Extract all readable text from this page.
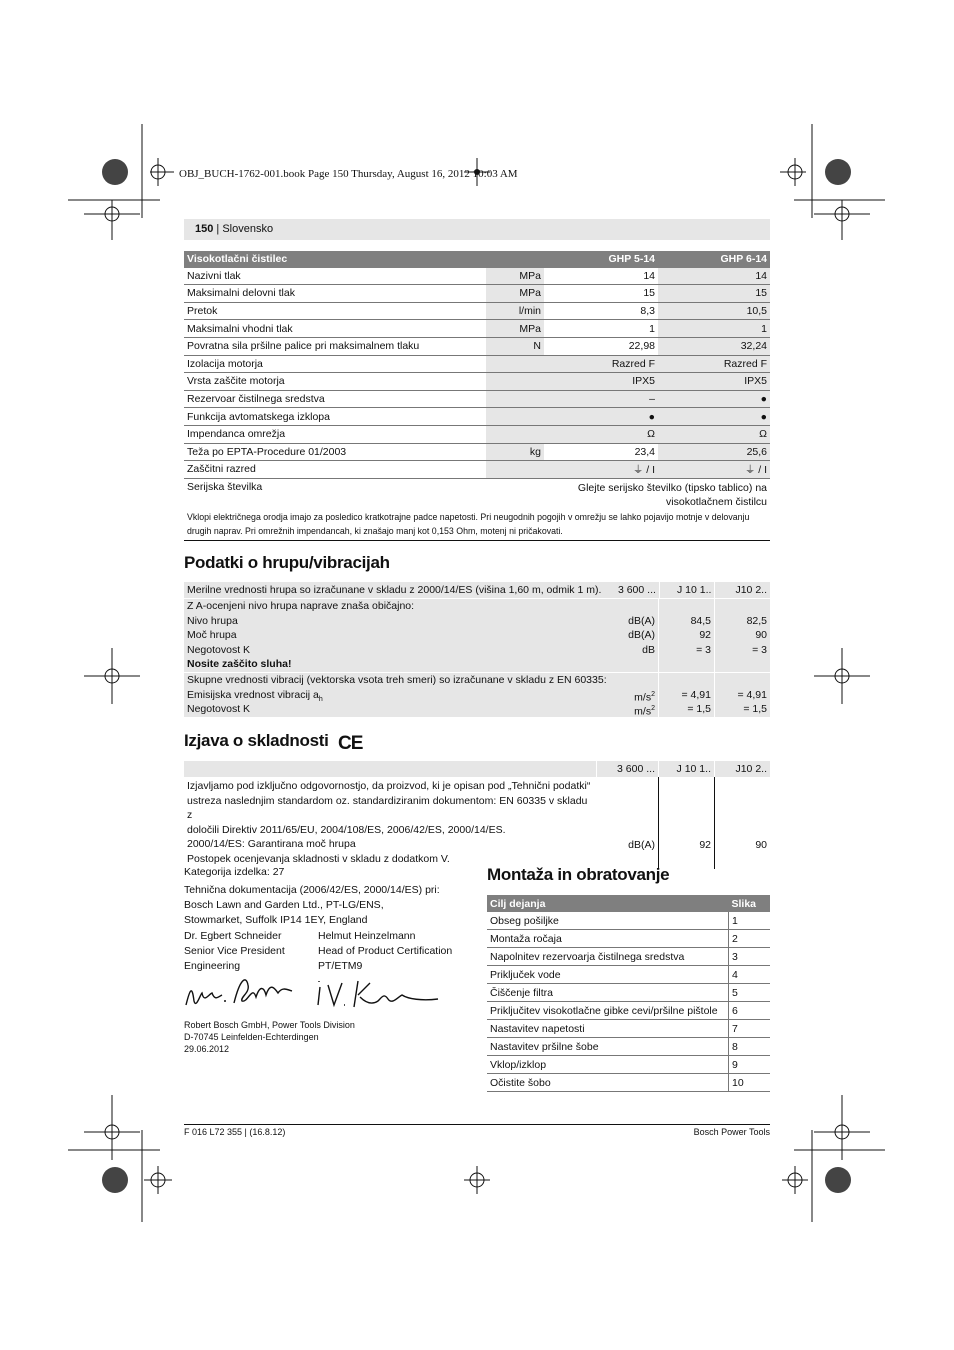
OBJ_BUCH-1762-001.book Page 150 Thursday, August 16, 2012 10:03 AM
150 | Slovensko
Visokotlačni čistilec		GHP 5-14	GHP 6-14
Nazivni tlak	MPa	14	14
Maksimalni delovni tlak	MPa	15	15
Pretok	l/min	8,3	10,5
Maksimalni vhodni tlak	MPa	1	1
Povratna sila pršilne palice pri maksimalnem tlaku	N	22,98	32,24
Izolacija motorja		Razred F	Razred F
Vrsta zaščite motorja		IPX5	IPX5
Rezervoar čistilnega sredstva		–	●
Funkcija avtomatskega izklopa		●	●
Impendanca omrežja		Ω	Ω
Teža po EPTA-Procedure 01/2003	kg	23,4	25,6
Zaščitni razred		⏚ / I	⏚ / I
Serijska številka		Glejte serijsko številko (tipsko tablico) na visokotlačnem čistilcu	
Vklopi električnega orodja imajo za posledico kratkotrajne padce napetosti. Pri neugodnih pogojih v omrežju se lahko pojavijo motnje v delovanju drugih naprav. Pri omrežnih impendancah, ki znašajo manj kot 0,153 Ohm, motenj ni pričakovati.
Podatki o hrupu/vibracijah
Merilne vrednosti hrupa so izračunane v skladu z 2000/14/ES (višina 1,60 m, odmik 1 m).	3 600 ...	J 10 1..	J10 2..
Z A-ocenjeni nivo hrupa naprave znaša običajno:
Nivo hrupa	dB(A)	84,5	82,5
Moč hrupa	dB(A)	92	90
Negotovost K	dB	= 3	= 3
Nosite zaščito sluha!
Skupne vrednosti vibracij (vektorska vsota treh smeri) so izračunane v skladu z EN 60335:
Emisijska vrednost vibracij $a_h$	$m/s^2$	= 4,91	= 4,91
Negotovost K	$m/s^2$	= 1,5	= 1,5
Izjava o skladnosti CE
3 600 ...	J 10 1..	J10 2..
Izjavljamo pod izključno odgovornostjo, da proizvod, ki je opisan pod „Tehnični podatki“
ustreza naslednjim standardom oz. standardiziranim dokumentom: EN 60335 v skladu z
določili Direktiv 2011/65/EU, 2004/108/ES, 2006/42/ES, 2000/14/ES.
2000/14/ES: Garantirana moč hrupa
Postopek ocenjevanja skladnosti v skladu z dodatkom V.
dB(A)	92	90
Kategorija izdelka: 27
Tehnična dokumentacija (2006/42/ES, 2000/14/ES) pri:
Bosch Lawn and Garden Ltd., PT-LG/ENS,
Stowmarket, Suffolk IP14 1EY, England
Dr. Egbert Schneider
Senior Vice President
Engineering
Helmut Heinzelmann
Head of Product Certification
PT/ETM9
Robert Bosch GmbH, Power Tools Division
D-70745 Leinfelden-Echterdingen
29.06.2012
Montaža in obratovanje
Cilj dejanja	Slika
Obseg pošiljke	1
Montaža ročaja	2
Napolnitev rezervoarja čistilnega sredstva	3
Priključek vode	4
Čiščenje filtra	5
Priključitev visokotlačne gibke cevi/pršilne pištole	6
Nastavitev napetosti	7
Nastavitev pršilne šobe	8
Vklop/izklop	9
Očistite šobo	10
F 016 L72 355 | (16.8.12)	Bosch Power Tools
